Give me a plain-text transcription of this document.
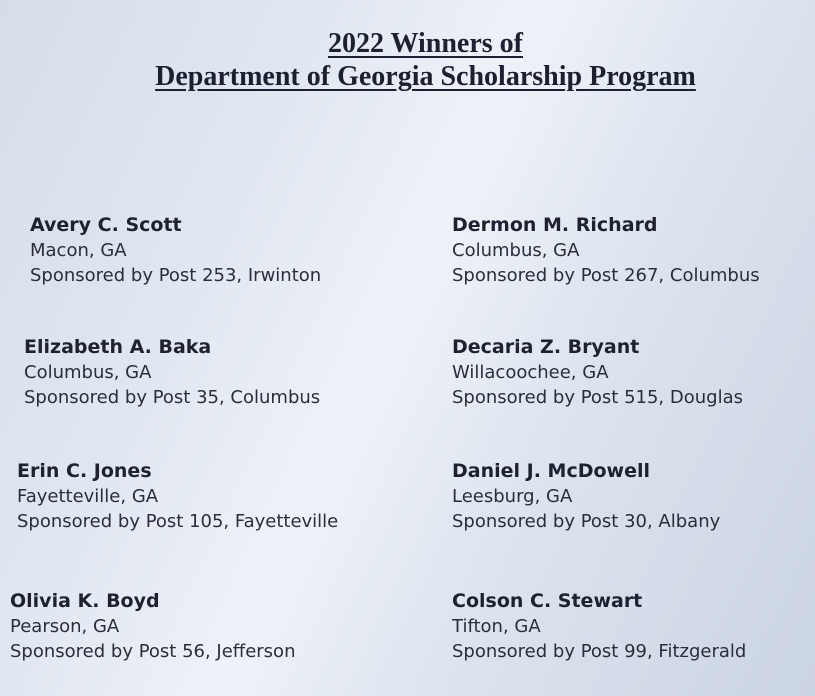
2022 Winners of
Department of Georgia Scholarship Program
Avery C. Scott
Macon, GA
Sponsored by Post 253, Irwinton
Elizabeth A. Baka
Columbus, GA
Sponsored by Post 35, Columbus
Erin C. Jones
Fayetteville, GA
Sponsored by Post 105, Fayetteville
Olivia K. Boyd
Pearson, GA
Sponsored by Post 56, Jefferson
Dermon M. Richard
Columbus, GA
Sponsored by Post 267, Columbus
Decaria Z. Bryant
Willacoochee, GA
Sponsored by Post 515, Douglas
Daniel J. McDowell
Leesburg, GA
Sponsored by Post 30, Albany
Colson C. Stewart
Tifton, GA
Sponsored by Post 99, Fitzgerald
